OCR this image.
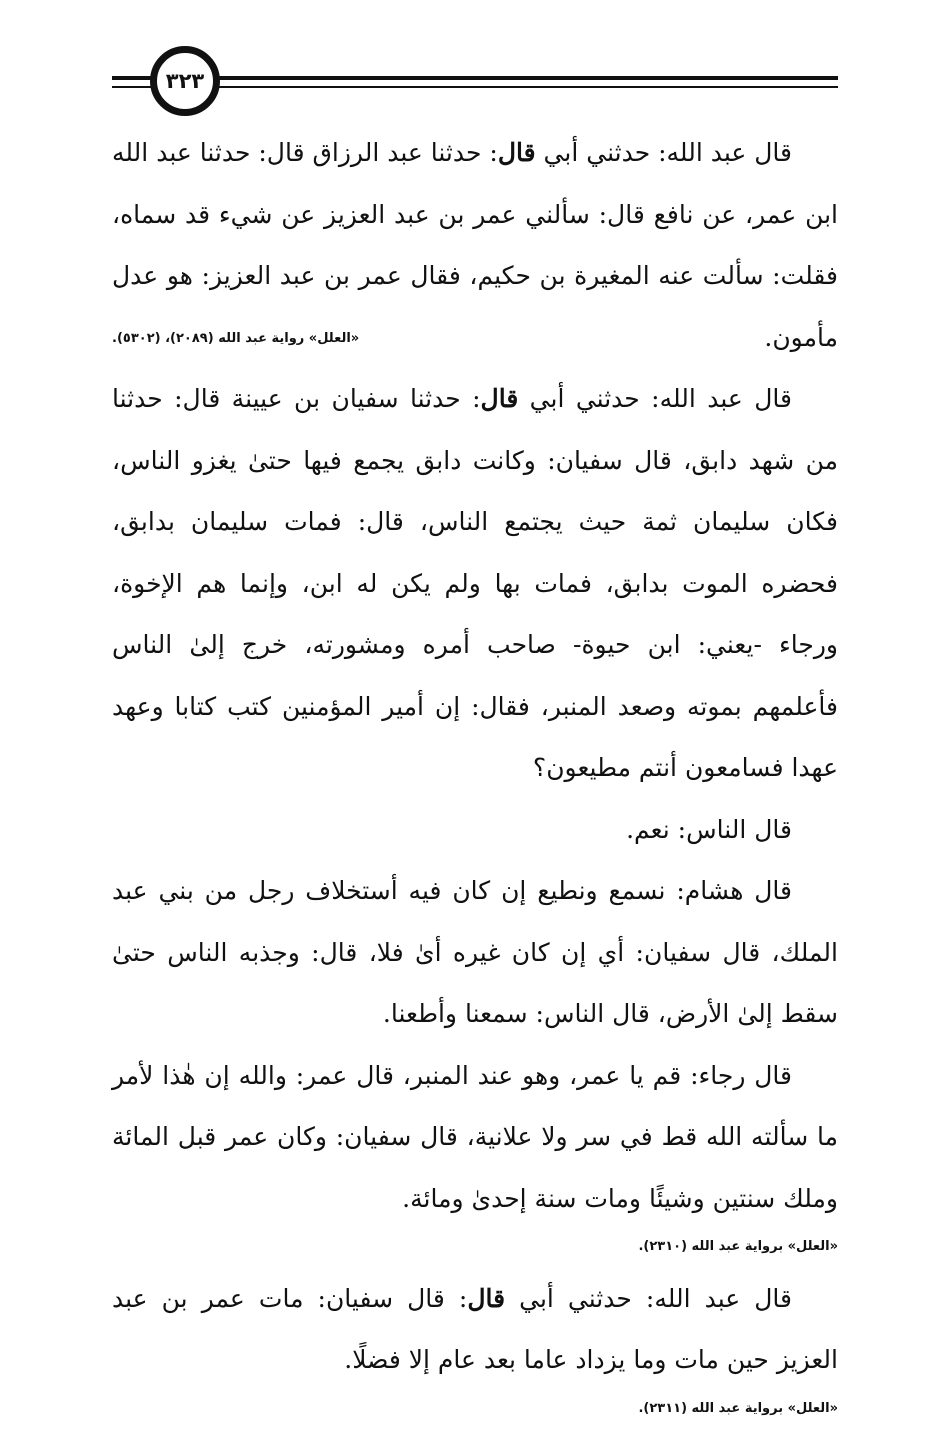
٣٢٣

قال عبد الله: حدثني أبي قال: حدثنا عبد الرزاق قال: حدثنا عبد الله ابن عمر، عن نافع قال: سألني عمر بن عبد العزيز عن شيء قد سماه، فقلت: سألت عنه المغيرة بن حكيم، فقال عمر بن عبد العزيز: هو عدل مأمون.
«العلل» رواية عبد الله (٢٠٨٩)، (٥٣٠٢).

قال عبد الله: حدثني أبي قال: حدثنا سفيان بن عيينة قال: حدثنا من شهد دابق، قال سفيان: وكانت دابق يجمع فيها حتىٰ يغزو الناس، فكان سليمان ثمة حيث يجتمع الناس، قال: فمات سليمان بدابق، فحضره الموت بدابق، فمات بها ولم يكن له ابن، وإنما هم الإخوة، ورجاء -يعني: ابن حيوة- صاحب أمره ومشورته، خرج إلىٰ الناس فأعلمهم بموته وصعد المنبر، فقال: إن أمير المؤمنين كتب كتابا وعهد عهدا فسامعون أنتم مطيعون؟

قال الناس: نعم.

قال هشام: نسمع ونطيع إن كان فيه أستخلاف رجل من بني عبد الملك، قال سفيان: أي إن كان غيره أىٰ فلا، قال: وجذبه الناس حتىٰ سقط إلىٰ الأرض، قال الناس: سمعنا وأطعنا.

قال رجاء: قم يا عمر، وهو عند المنبر، قال عمر: والله إن هٰذا لأمر ما سألته الله قط في سر ولا علانية، قال سفيان: وكان عمر قبل المائة وملك سنتين وشيئًا ومات سنة إحدىٰ ومائة.

«العلل» برواية عبد الله (٢٣١٠).

قال عبد الله: حدثني أبي قال: قال سفيان: مات عمر بن عبد العزيز حين مات وما يزداد عاما بعد عام إلا فضلًا.

«العلل» برواية عبد الله (٢٣١١).
